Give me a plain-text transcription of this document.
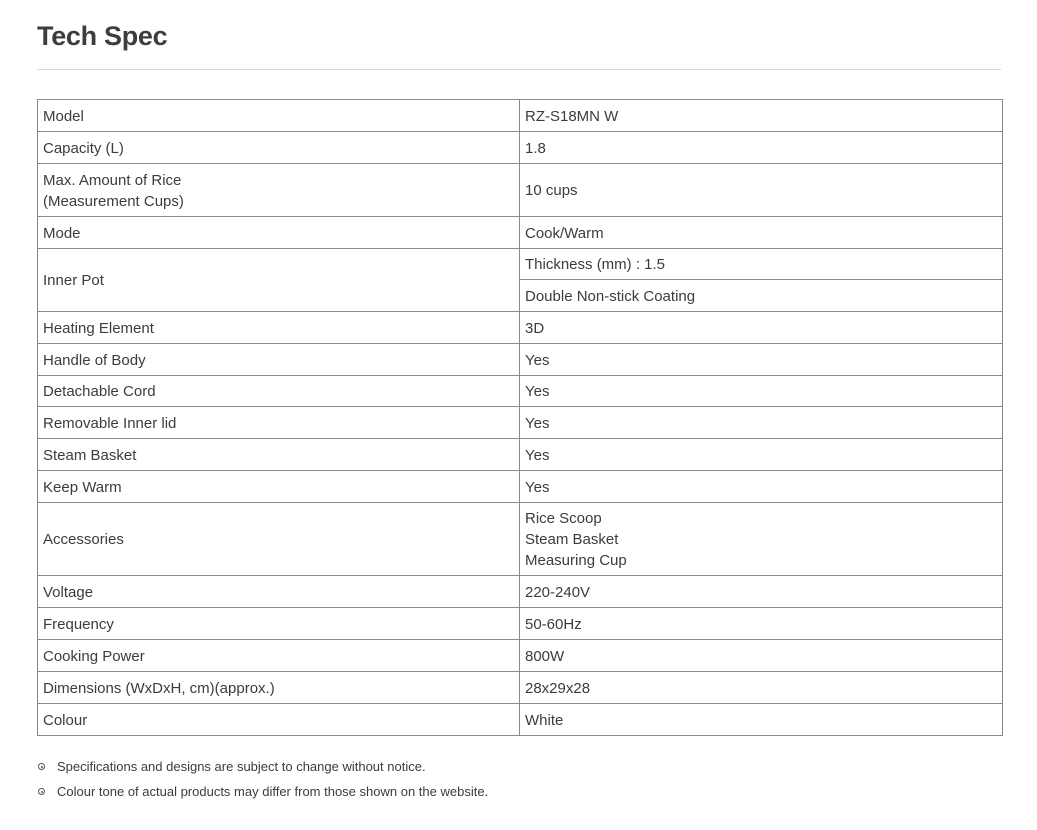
Tech Spec
Model	RZ-S18MN W
Capacity (L)	1.8

Max. Amount of Rice
(Measurement Cups)	10 cups
Mode	Cook/Warm
Inner Pot	Thickness (mm) : 1.5
	Double Non-stick Coating
Heating Element	3D
Handle of Body	Yes
Detachable Cord	Yes
Removable Inner lid	Yes
Steam Basket	Yes
Keep Warm	Yes
Accessories	Rice Scoop
Steam Basket
Measuring Cup

Voltage	220-240V
Frequency	50-60Hz
Cooking Power	800W
Dimensions (WxDxH, cm)(approx.)	28x29x28
Colour	White
Specifications and designs are subject to change without notice.
Colour tone of actual products may differ from those shown on the website.
